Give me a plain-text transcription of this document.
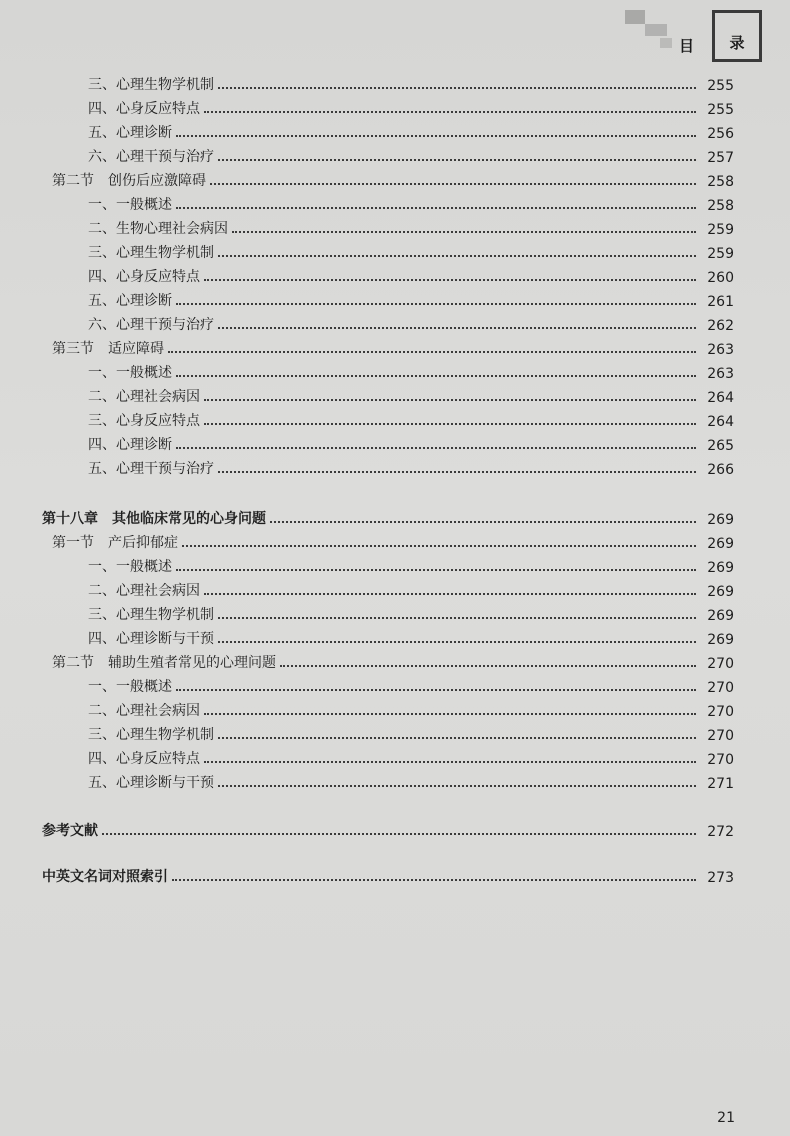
目 录
三、心理生物学机制	255
四、心身反应特点	255
五、心理诊断	256
六、心理干预与治疗	257
第二节　创伤后应激障碍	258
一、一般概述	258
二、生物心理社会病因	259
三、心理生物学机制	259
四、心身反应特点	260
五、心理诊断	261
六、心理干预与治疗	262
第三节　适应障碍	263
一、一般概述	263
二、心理社会病因	264
三、心身反应特点	264
四、心理诊断	265
五、心理干预与治疗	266
第十八章　其他临床常见的心身问题	269
第一节　产后抑郁症	269
一、一般概述	269
二、心理社会病因	269
三、心理生物学机制	269
四、心理诊断与干预	269
第二节　辅助生殖者常见的心理问题	270
一、一般概述	270
二、心理社会病因	270
三、心理生物学机制	270
四、心身反应特点	270
五、心理诊断与干预	271
参考文献	272
中英文名词对照索引	273
21
